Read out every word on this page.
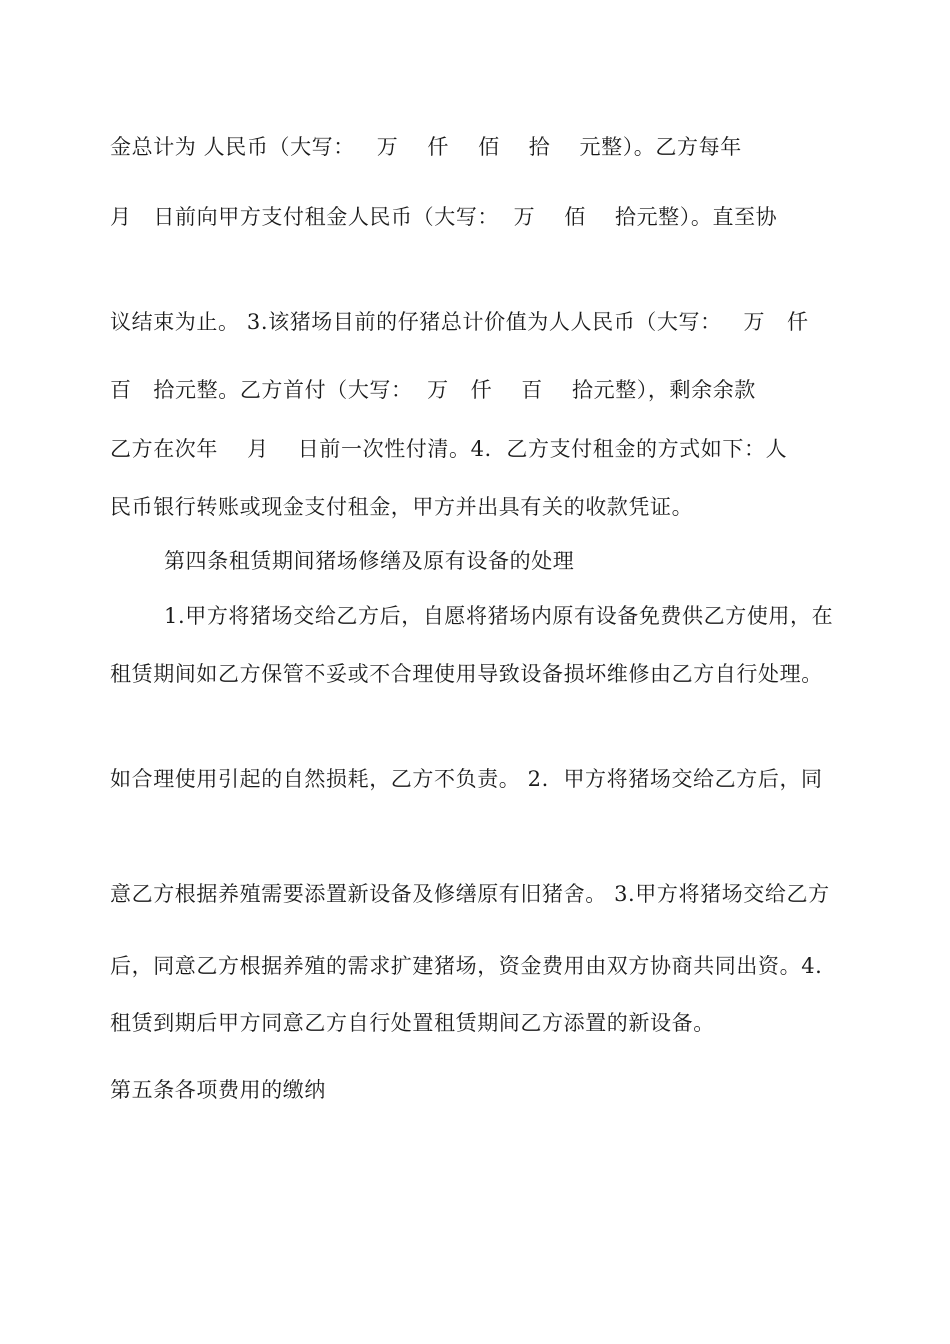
金总计为 人民币（大写：   万    仟    佰    拾    元整）。乙方每年
月   日前向甲方支付租金人民币（大写：  万    佰    拾元整）。直至协
议结束为止。 3.该猪场目前的仔猪总计价值为人人民币（大写：   万   仟
百   拾元整。乙方首付（大写：  万   仟    百    拾元整），剩余余款
乙方在次年    月    日前一次性付清。4.  乙方支付租金的方式如下：人
民币银行转账或现金支付租金，甲方并出具有关的收款凭证。
第四条租赁期间猪场修缮及原有设备的处理
1.甲方将猪场交给乙方后，自愿将猪场内原有设备免费供乙方使用，在
租赁期间如乙方保管不妥或不合理使用导致设备损坏维修由乙方自行处理。
如合理使用引起的自然损耗，乙方不负责。 2.  甲方将猪场交给乙方后，同
意乙方根据养殖需要添置新设备及修缮原有旧猪舍。 3.甲方将猪场交给乙方
后，同意乙方根据养殖的需求扩建猪场，资金费用由双方协商共同出资。4.
租赁到期后甲方同意乙方自行处置租赁期间乙方添置的新设备。
第五条各项费用的缴纳
